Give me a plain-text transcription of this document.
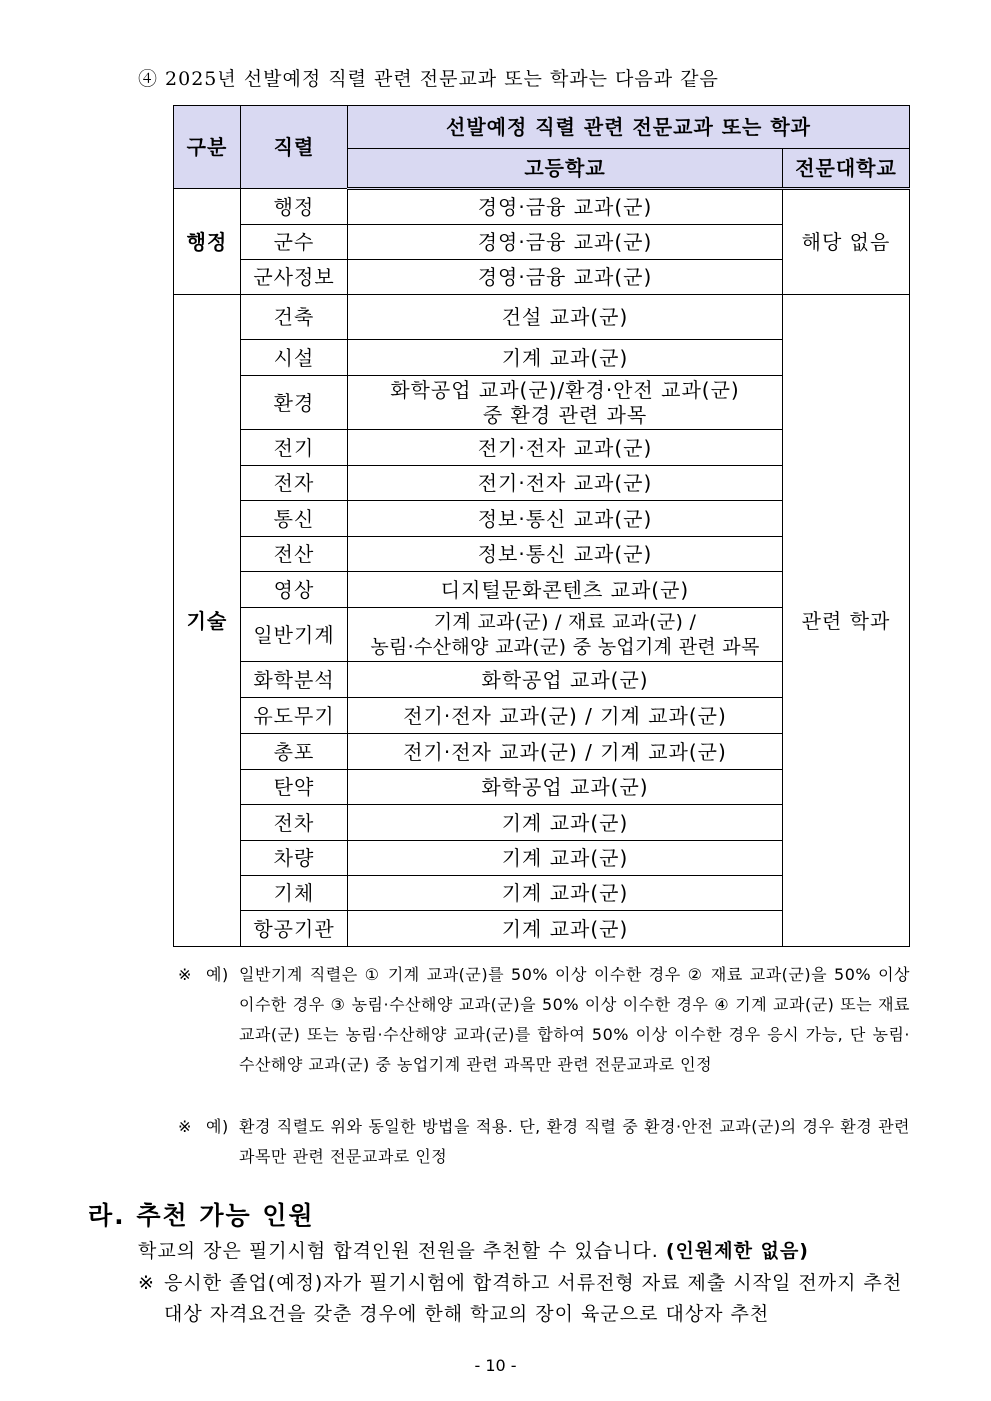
④ 2025년 선발예정 직렬 관련 전문교과 또는 학과는 다음과 같음
구분	직렬	선발예정 직렬 관련 전문교과 또는 학과	
		고등학교	전문대학교
행정	행정	경영·금융 교과(군)	해당 없음
	군수	경영·금융 교과(군)	
	군사정보	경영·금융 교과(군)	
기술	건축	건설 교과(군)	관련 학과
	시설	기계 교과(군)	
	환경	화학공업 교과(군)/환경·안전 교과(군)
중 환경 관련 과목	

	전기	전기·전자 교과(군)	
	전자	전기·전자 교과(군)	
	통신	정보·통신 교과(군)	
	전산	정보·통신 교과(군)	
	영상	디지털문화콘텐츠 교과(군)	
	일반기계	기계 교과(군) / 재료 교과(군) /
농림·수산해양 교과(군) 중 농업기계 관련 과목	

	화학분석	화학공업 교과(군)	
	유도무기	전기·전자 교과(군) / 기계 교과(군)	
	총포	전기·전자 교과(군) / 기계 교과(군)	
	탄약	화학공업 교과(군)	
	전차	기계 교과(군)	
	차량	기계 교과(군)	
	기체	기계 교과(군)	
	항공기관	기계 교과(군)	
※ 예) 일반기계 직렬은 ① 기계 교과(군)를 50% 이상 이수한 경우 ② 재료 교과(군)을 50% 이상 이수한 경우 ③ 농림·수산해양 교과(군)을 50% 이상 이수한 경우 ④ 기계 교과(군) 또는 재료 교과(군) 또는 농림·수산해양 교과(군)를 합하여 50% 이상 이수한 경우 응시 가능, 단 농림·수산해양 교과(군) 중 농업기계 관련 과목만 관련 전문교과로 인정
※ 예) 환경 직렬도 위와 동일한 방법을 적용. 단, 환경 직렬 중 환경·안전 교과(군)의 경우 환경 관련 과목만 관련 전문교과로 인정
라. 추천 가능 인원
학교의 장은 필기시험 합격인원 전원을 추천할 수 있습니다. (인원제한 없음)
※ 응시한 졸업(예정)자가 필기시험에 합격하고 서류전형 자료 제출 시작일 전까지 추천 대상 자격요건을 갖춘 경우에 한해 학교의 장이 육군으로 대상자 추천
- 10 -
